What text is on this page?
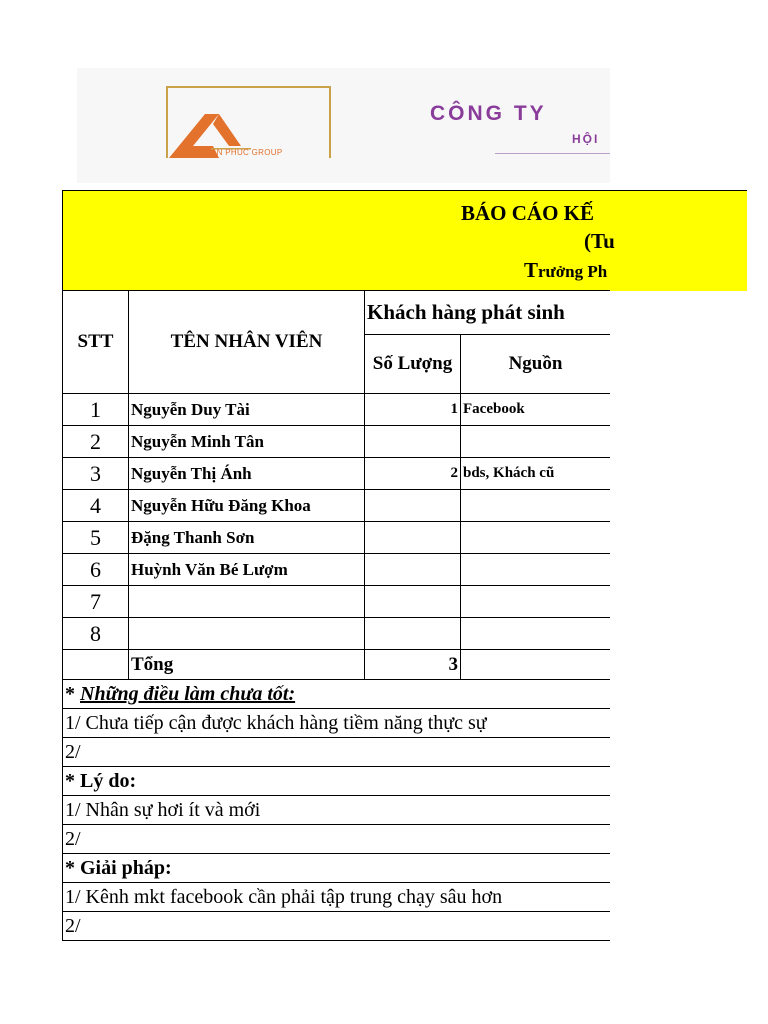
AN PHUC GROUP
CÔNG TY
HỘI
BÁO CÁO KẾ
(Tu
Trưởng Ph
STT	TÊN NHÂN VIÊN	Khách hàng phát sinh		
		Số Lượng	Nguồn	
1	Nguyễn Duy Tài	1	Facebook	
2	Nguyễn Minh Tân			
3	Nguyễn Thị Ánh	2	bds, Khách cũ	
4	Nguyễn Hữu Đăng Khoa			
5	Đặng Thanh Sơn			
6	Huỳnh Văn Bé Lượm			
7				
8				
	Tổng	3		
* Những điều làm chưa tốt:				
1/ Chưa tiếp cận được khách hàng tiềm năng thực sự				
2/				
* Lý do:				
1/ Nhân sự hơi ít và mới				
2/				
* Giải pháp:				
1/ Kênh mkt facebook cần phải tập trung chạy sâu hơn				
2/				
